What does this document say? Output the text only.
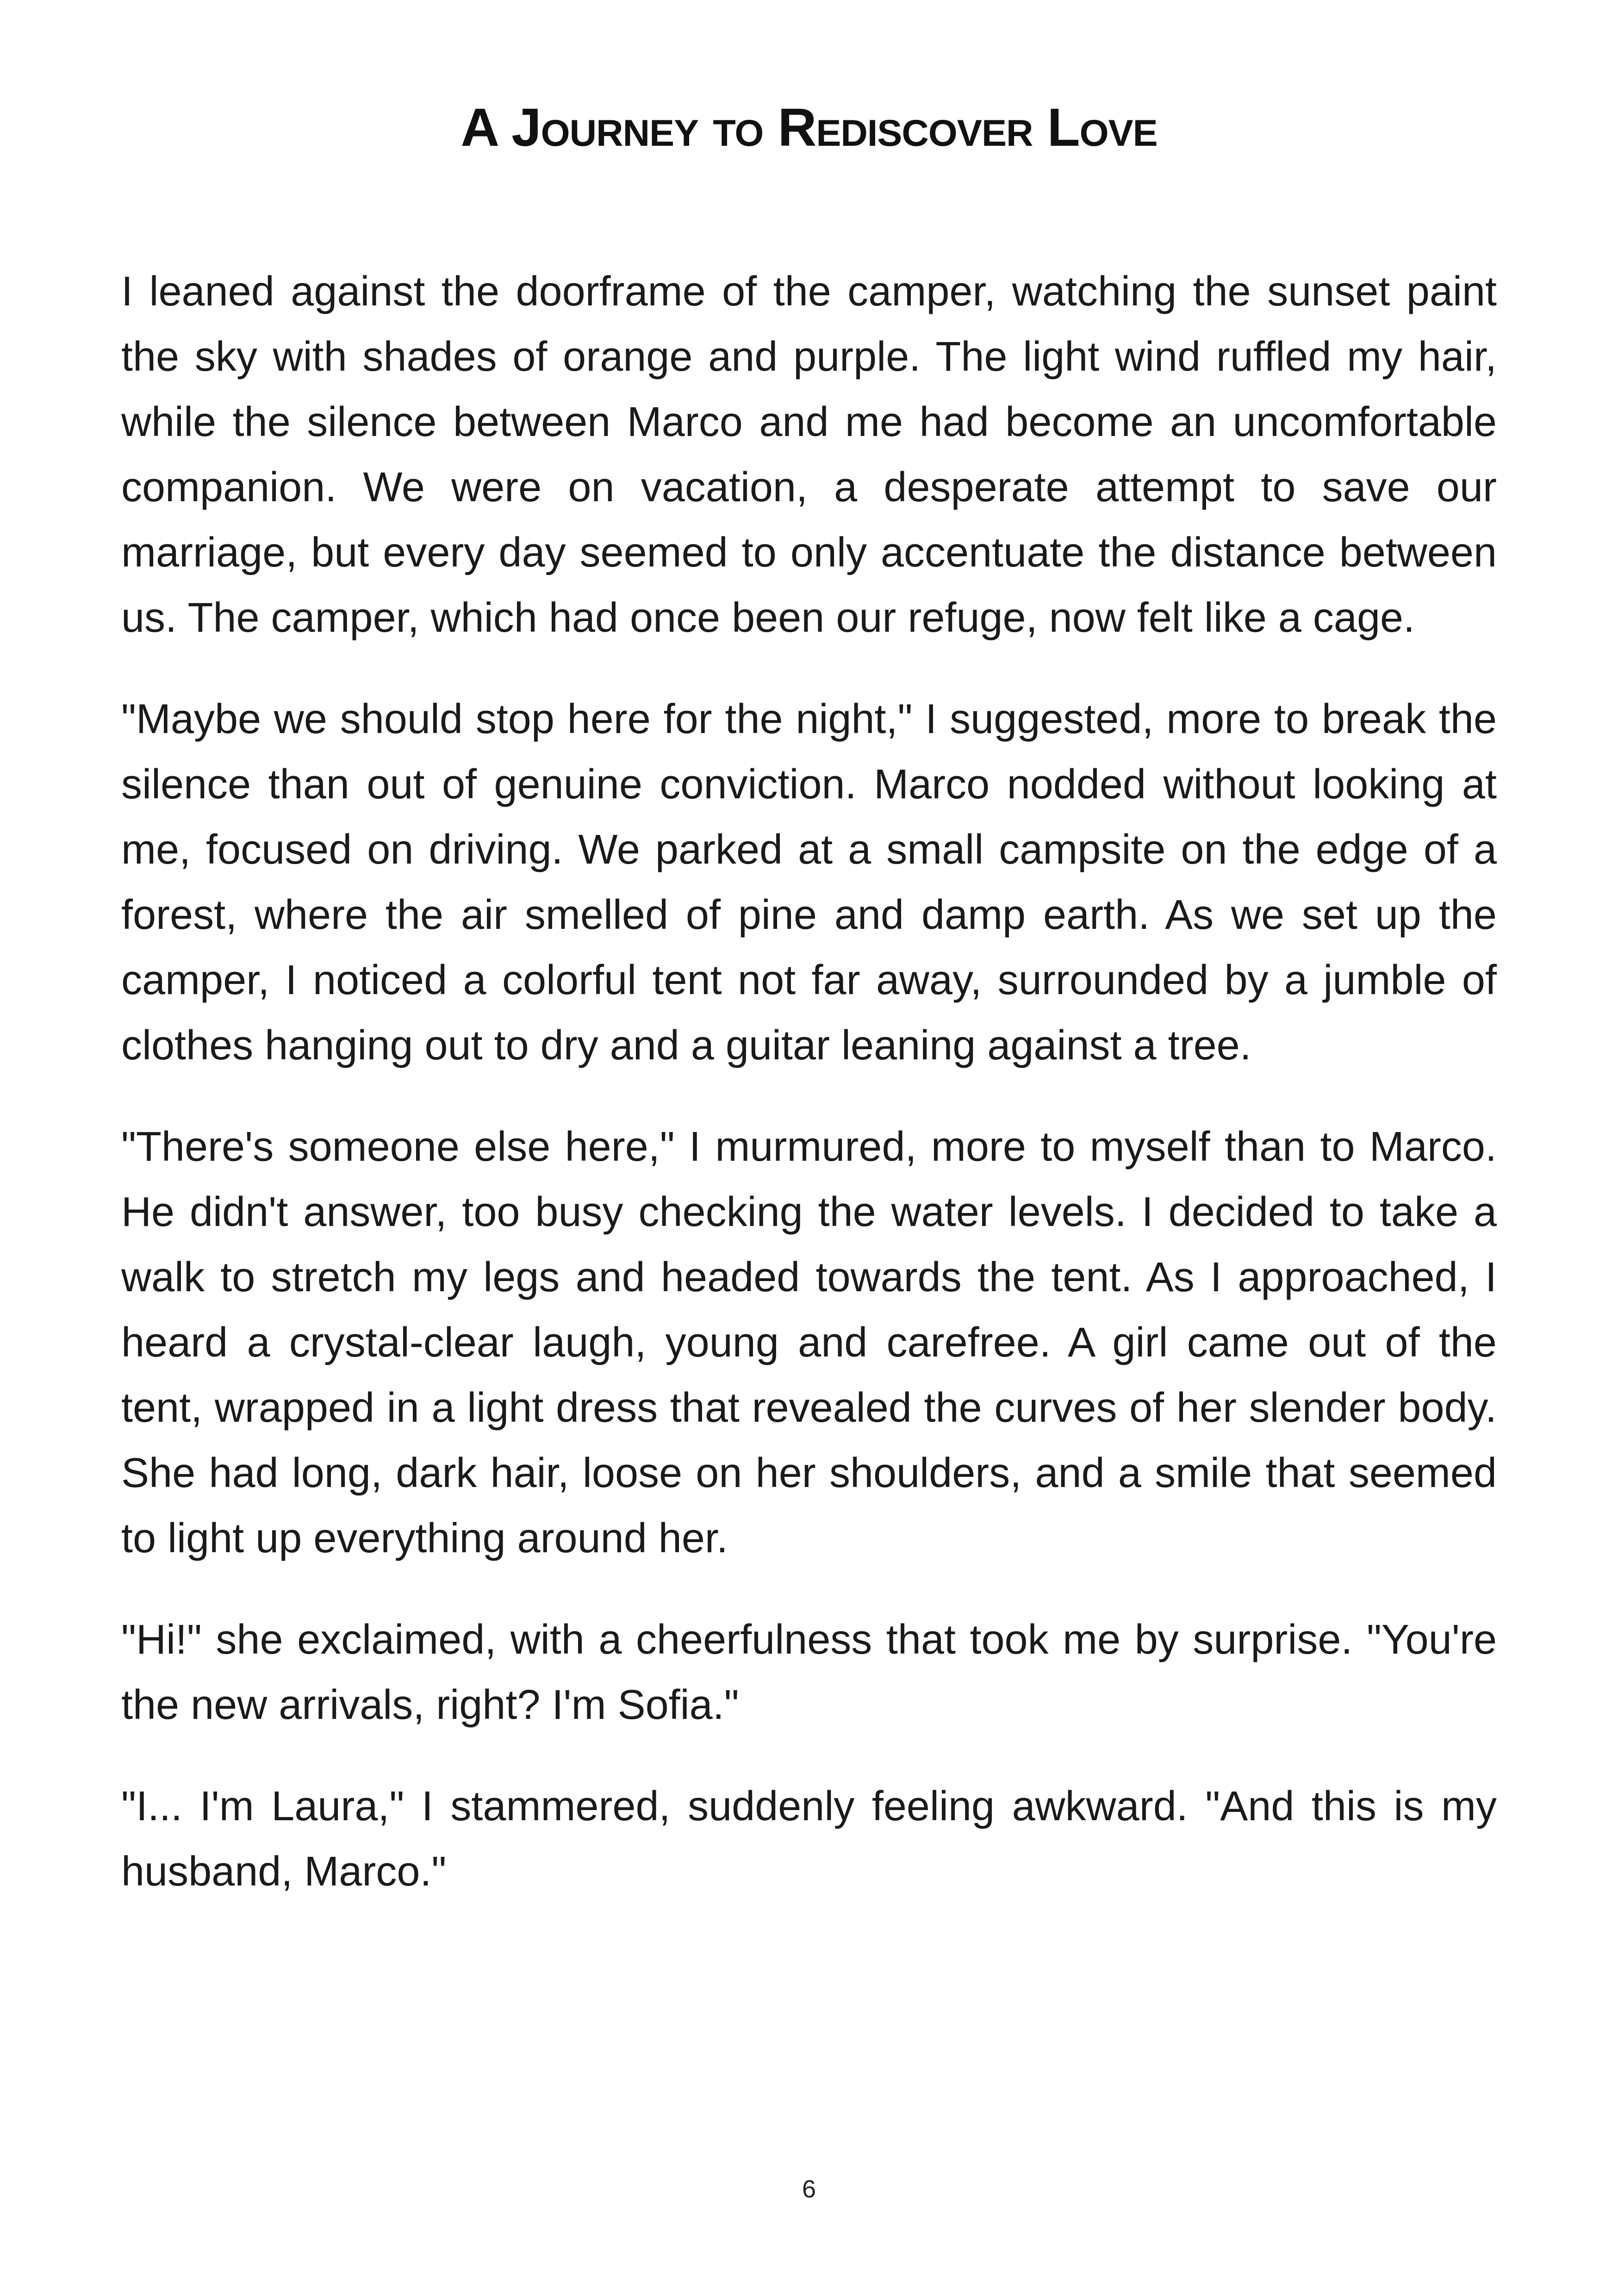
A Journey to Rediscover Love

I leaned against the doorframe of the camper, watching the sunset paint the sky with shades of orange and purple. The light wind ruffled my hair, while the silence between Marco and me had become an uncomfortable companion. We were on vacation, a desperate attempt to save our marriage, but every day seemed to only accentuate the distance between us. The camper, which had once been our refuge, now felt like a cage.

"Maybe we should stop here for the night," I suggested, more to break the silence than out of genuine conviction. Marco nodded without looking at me, focused on driving. We parked at a small campsite on the edge of a forest, where the air smelled of pine and damp earth. As we set up the camper, I noticed a colorful tent not far away, surrounded by a jumble of clothes hanging out to dry and a guitar leaning against a tree.

"There's someone else here," I murmured, more to myself than to Marco. He didn't answer, too busy checking the water levels. I decided to take a walk to stretch my legs and headed towards the tent. As I approached, I heard a crystal-clear laugh, young and carefree. A girl came out of the tent, wrapped in a light dress that revealed the curves of her slender body. She had long, dark hair, loose on her shoulders, and a smile that seemed to light up everything around her.

"Hi!" she exclaimed, with a cheerfulness that took me by surprise. "You're the new arrivals, right? I'm Sofia."

"I... I'm Laura," I stammered, suddenly feeling awkward. "And this is my husband, Marco."

6
